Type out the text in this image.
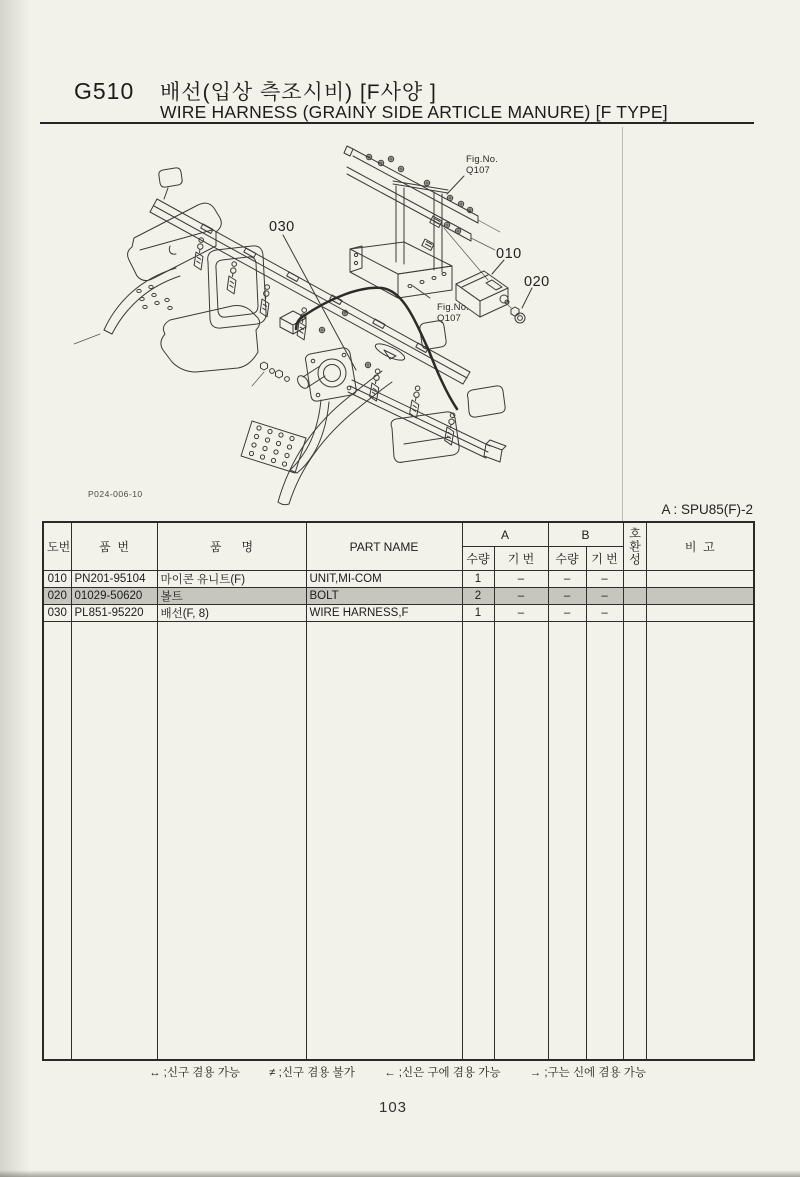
G510 배선(입상 측조시비) [F사양 ]
WIRE HARNESS (GRAINY SIDE ARTICLE MANURE) [F TYPE]
030
010
020
Fig.No.
Q107
Fig.No.
Q107
P024-006-10
A : SPU85(F)-2
도번	품  번	품      명	PART NAME	A		B		호환성	비  고
				수량	기 번	수량	기 번		
010	PN201-95104	마이콘 유니트(F)	UNIT,MI-COM	1	–	–	–		
020	01029-50620	볼트	BOLT	2	–	–	–		
030	PL851-95220	배선(F, 8)	WIRE HARNESS,F	1	–	–	–		

↔ ;신구 겸용 가능	≠ ;신구 겸용 불가	← ;신은 구에 겸용 가능	→ ;구는 신에 겸용 가능
103
